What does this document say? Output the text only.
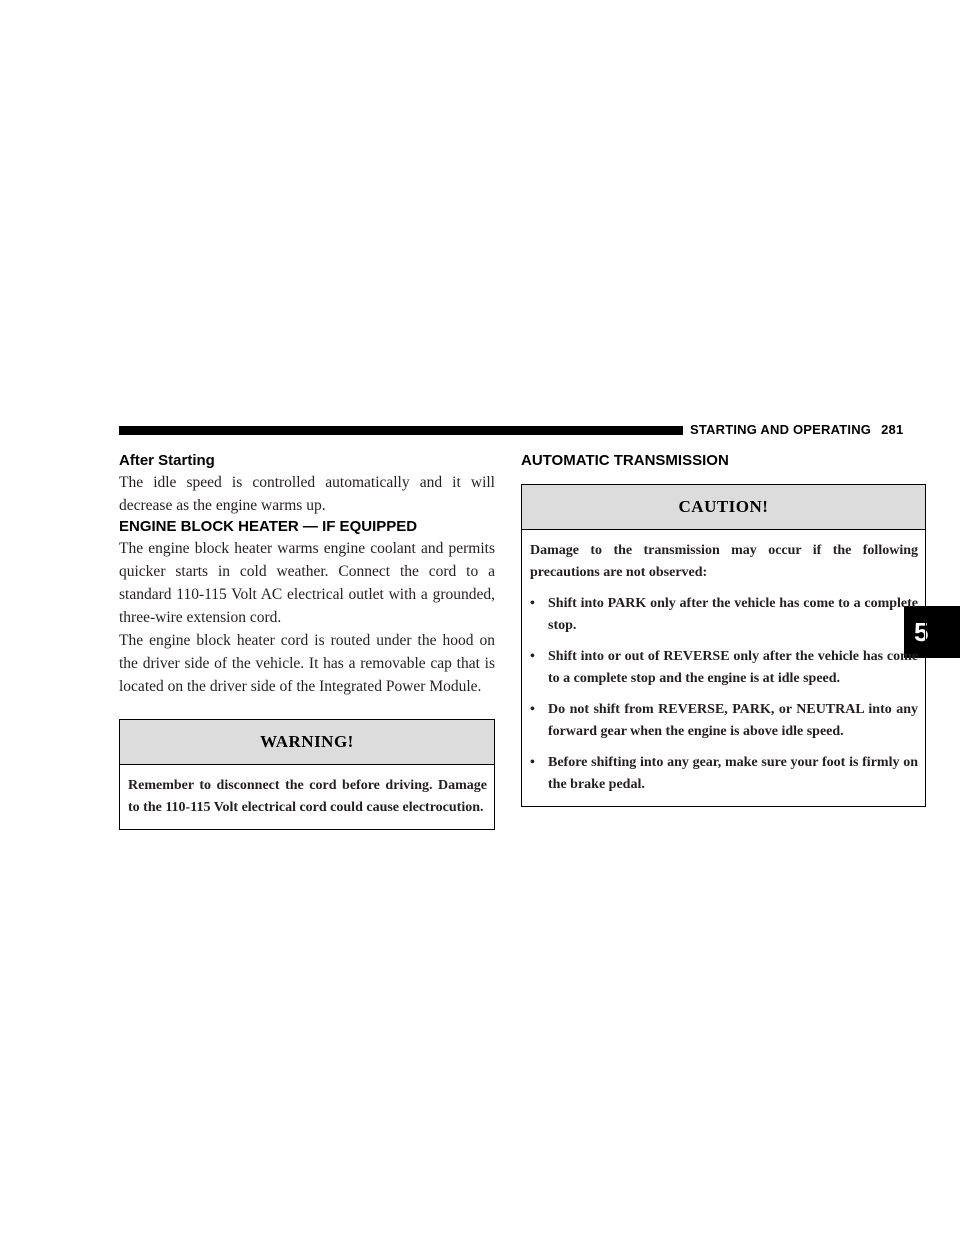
STARTING AND OPERATING 281
5
After Starting

The idle speed is controlled automatically and it will decrease as the engine warms up.

ENGINE BLOCK HEATER — IF EQUIPPED

The engine block heater warms engine coolant and permits quicker starts in cold weather. Connect the cord to a standard 110-115 Volt AC electrical outlet with a grounded, three-wire extension cord.

The engine block heater cord is routed under the hood on the driver side of the vehicle. It has a removable cap that is located on the driver side of the Integrated Power Module.

WARNING!
Remember to disconnect the cord before driving. Damage to the 110-115 Volt electrical cord could cause electrocution.
AUTOMATIC TRANSMISSION
CAUTION!
Damage to the transmission may occur if the following precautions are not observed:
• Shift into PARK only after the vehicle has come to a complete stop.
• Shift into or out of REVERSE only after the vehicle has come to a complete stop and the engine is at idle speed.
• Do not shift from REVERSE, PARK, or NEUTRAL into any forward gear when the engine is above idle speed.
• Before shifting into any gear, make sure your foot is firmly on the brake pedal.
